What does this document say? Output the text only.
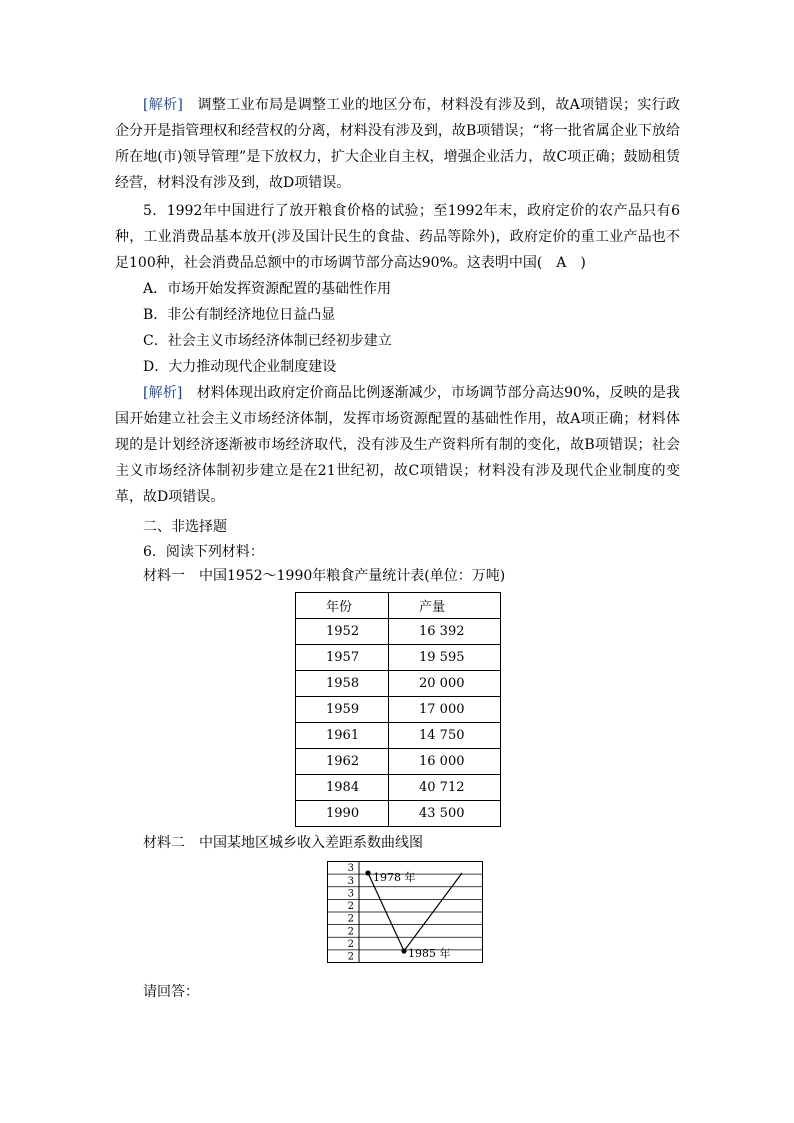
[解析]　调整工业布局是调整工业的地区分布，材料没有涉及到，故A项错误；实行政企分开是指管理权和经营权的分离，材料没有涉及到，故B项错误；“将一批省属企业下放给所在地(市)领导管理”是下放权力，扩大企业自主权，增强企业活力，故C项正确；鼓励租赁经营，材料没有涉及到，故D项错误。

5．1992年中国进行了放开粮食价格的试验；至1992年末，政府定价的农产品只有6种，工业消费品基本放开(涉及国计民生的食盐、药品等除外)，政府定价的重工业产品也不足100种，社会消费品总额中的市场调节部分高达90%。这表明中国(　A　)

A．市场开始发挥资源配置的基础性作用

B．非公有制经济地位日益凸显

C．社会主义市场经济体制已经初步建立

D．大力推动现代企业制度建设

[解析]　材料体现出政府定价商品比例逐渐减少，市场调节部分高达90%，反映的是我国开始建立社会主义市场经济体制，发挥市场资源配置的基础性作用，故A项正确；材料体现的是计划经济逐渐被市场经济取代，没有涉及生产资料所有制的变化，故B项错误；社会主义市场经济体制初步建立是在21世纪初，故C项错误；材料没有涉及现代企业制度的变革，故D项错误。

二、非选择题

6．阅读下列材料：

材料一　中国1952～1990年粮食产量统计表(单位：万吨)

年份	产量
1952	16 392
1957	19 595
1958	20 000
1959	17 000
1961	14 750
1962	16 000
1984	40 712
1990	43 500

材料二　中国某地区城乡收入差距系数曲线图

3
3
3
2
2
2
2
2
1978 年
1985 年

请回答：
